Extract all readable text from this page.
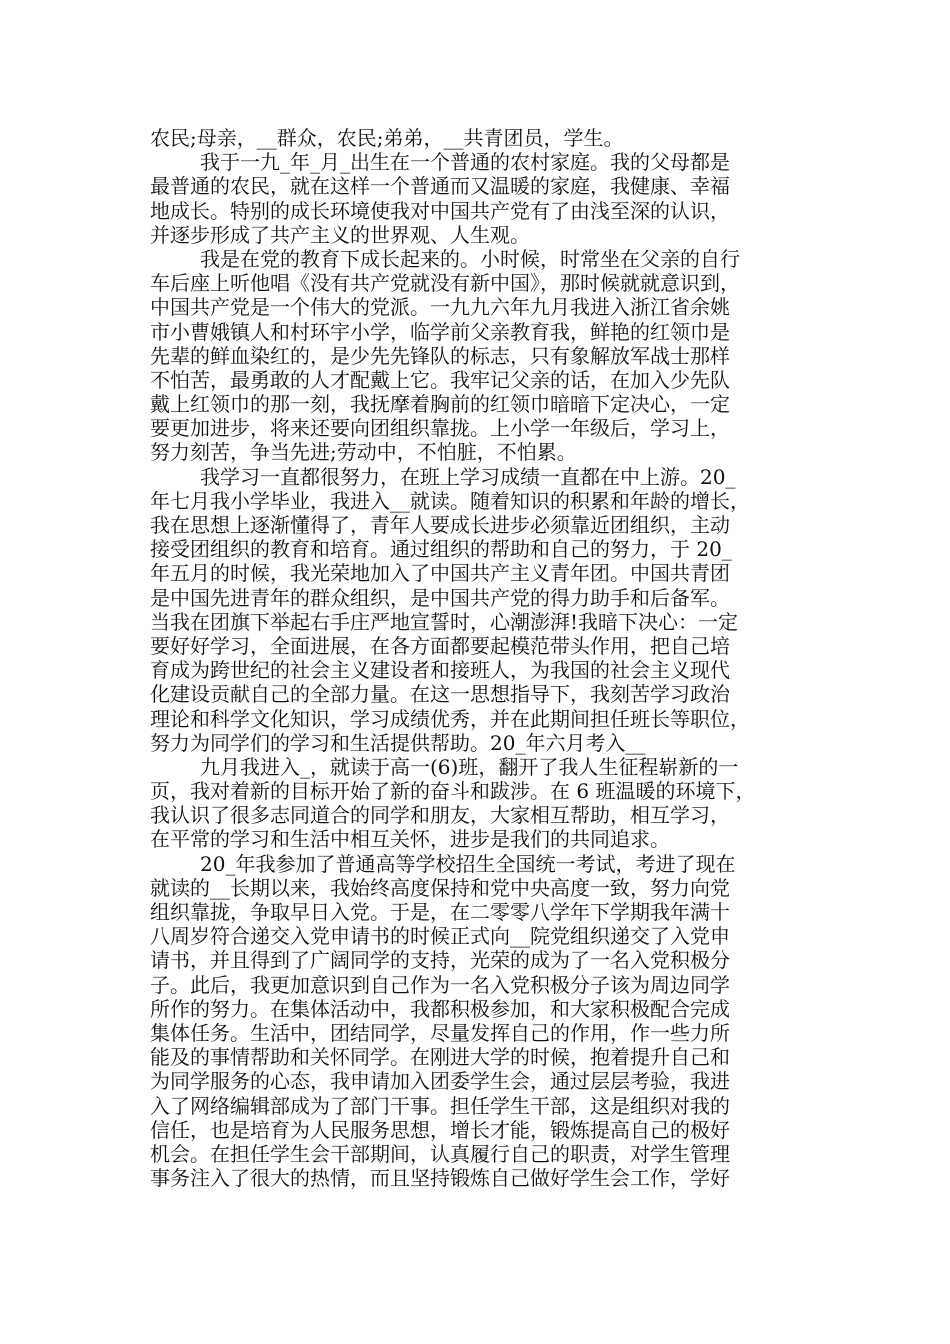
农民;母亲，__群众，农民;弟弟，__共青团员，学生。
我于一九_年_月_出生在一个普通的农村家庭。我的父母都是
最普通的农民，就在这样一个普通而又温暖的家庭，我健康、幸福
地成长。特别的成长环境使我对中国共产党有了由浅至深的认识，
并逐步形成了共产主义的世界观、人生观。
我是在党的教育下成长起来的。小时候，时常坐在父亲的自行
车后座上听他唱《没有共产党就没有新中国》，那时候就就意识到，
中国共产党是一个伟大的党派。一九九六年九月我进入浙江省余姚
市小曹娥镇人和村环宇小学，临学前父亲教育我，鲜艳的红领巾是
先辈的鲜血染红的，是少先先锋队的标志，只有象解放军战士那样
不怕苦，最勇敢的人才配戴上它。我牢记父亲的话，在加入少先队
戴上红领巾的那一刻，我抚摩着胸前的红领巾暗暗下定决心，一定
要更加进步，将来还要向团组织靠拢。上小学一年级后，学习上，
努力刻苦，争当先进;劳动中，不怕脏，不怕累。
我学习一直都很努力，在班上学习成绩一直都在中上游。20_
年七月我小学毕业，我进入__就读。随着知识的积累和年龄的增长，
我在思想上逐渐懂得了，青年人要成长进步必须靠近团组织，主动
接受团组织的教育和培育。通过组织的帮助和自己的努力，于 20_
年五月的时候，我光荣地加入了中国共产主义青年团。中国共青团
是中国先进青年的群众组织，是中国共产党的得力助手和后备军。
当我在团旗下举起右手庄严地宣誓时，心潮澎湃!我暗下决心：一定
要好好学习，全面进展，在各方面都要起模范带头作用，把自己培
育成为跨世纪的社会主义建设者和接班人，为我国的社会主义现代
化建设贡献自己的全部力量。在这一思想指导下，我刻苦学习政治
理论和科学文化知识，学习成绩优秀，并在此期间担任班长等职位，
努力为同学们的学习和生活提供帮助。20_年六月考入__
九月我进入_，就读于高一(6)班，翻开了我人生征程崭新的一
页，我对着新的目标开始了新的奋斗和跋涉。在 6 班温暖的环境下，
我认识了很多志同道合的同学和朋友，大家相互帮助，相互学习，
在平常的学习和生活中相互关怀，进步是我们的共同追求。
20_年我参加了普通高等学校招生全国统一考试，考进了现在
就读的__长期以来，我始终高度保持和党中央高度一致，努力向党
组织靠拢，争取早日入党。于是，在二零零八学年下学期我年满十
八周岁符合递交入党申请书的时候正式向__院党组织递交了入党申
请书，并且得到了广阔同学的支持，光荣的成为了一名入党积极分
子。此后，我更加意识到自己作为一名入党积极分子该为周边同学
所作的努力。在集体活动中，我都积极参加，和大家积极配合完成
集体任务。生活中，团结同学，尽量发挥自己的作用，作一些力所
能及的事情帮助和关怀同学。在刚进大学的时候，抱着提升自己和
为同学服务的心态，我申请加入团委学生会，通过层层考验，我进
入了网络编辑部成为了部门干事。担任学生干部，这是组织对我的
信任，也是培育为人民服务思想，增长才能，锻炼提高自己的极好
机会。在担任学生会干部期间，认真履行自己的职责，对学生管理
事务注入了很大的热情，而且坚持锻炼自己做好学生会工作，学好
